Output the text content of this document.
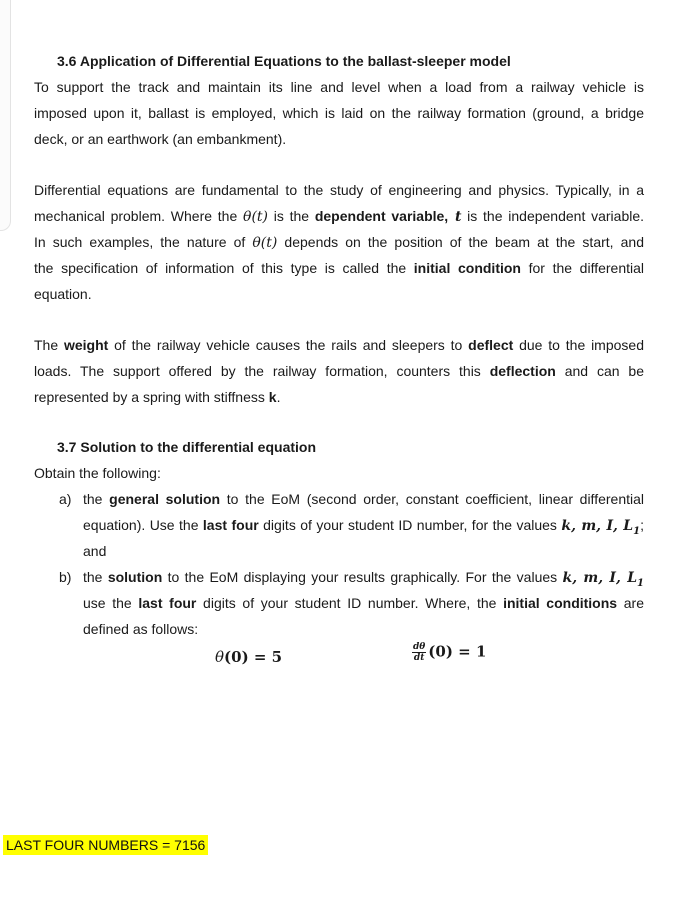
3.6 Application of Differential Equations to the ballast-sleeper model
To support the track and maintain its line and level when a load from a railway vehicle is
imposed upon it, ballast is employed, which is laid on the railway formation (ground, a bridge
deck, or an earthwork (an embankment).
Differential equations are fundamental to the study of engineering and physics. Typically, in a
mechanical problem. Where the θ(t) is the dependent variable, t is the independent variable.
In such examples, the nature of θ(t) depends on the position of the beam at the start, and
the specification of information of this type is called the initial condition for the differential
equation.
The weight of the railway vehicle causes the rails and sleepers to deflect due to the imposed
loads. The support offered by the railway formation, counters this deflection and can be
represented by a spring with stiffness k.
3.7 Solution to the differential equation
Obtain the following:
a) the general solution to the EoM (second order, constant coefficient, linear differential
equation). Use the last four digits of your student ID number, for the values k, m, I, $L_1$;
and
b) the solution to the EoM displaying your results graphically. For the values k, m, I, $L_1$
use the last four digits of your student ID number. Where, the initial conditions are
defined as follows:
θ(0) = 5	$\frac{d\theta}{dt} (0) = 1$
LAST FOUR NUMBERS = 7156
